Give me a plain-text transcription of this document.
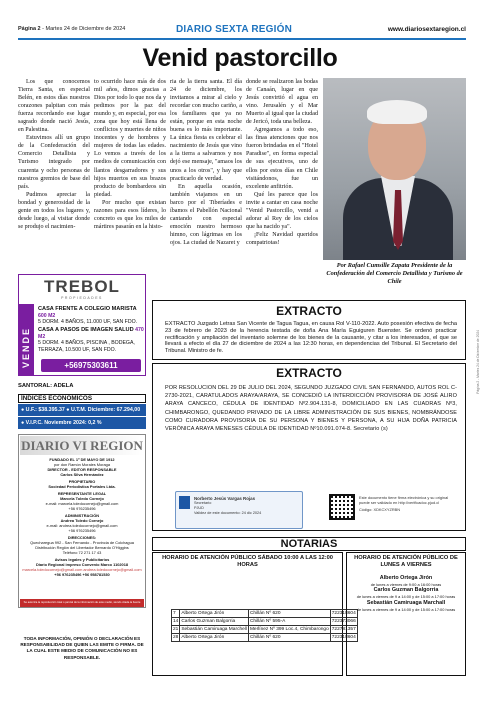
Página 2 - Martes 24 de Diciembre de 2024	DIARIO SEXTA REGIÓN	www.diariosextaregion.cl
Venid pastorcillo

Los que conocemos Tierra Santa, en especial Belén, en estos días nuestros corazones palpitan con más fuerza recordando ese lugar sagrado donde nació Jesús, en Palestina.

Estuvimos allí un grupo de la Confederación del Comercio Detallista y Turismo integrado por cuarenta y ocho personas de nuestros gremios de base del país.

Pudimos apreciar la bondad y generosidad de la gente en todos los lugares y, desde luego, al visitar donde se produjo el nacimien-

to ocurrido hace más de dos mil años, dimos gracias a Dios por todo lo que nos da y pedimos por la paz del mundo y, en especial, por esa zona que hoy está llena de conflictos y muertes de niños inocentes y de hombres y mujeres de todas las edades. Lo vemos a través de los medios de comunicación con llantos desgarradores y sus hijos muertos en sus brazos producto de bombardeos sin piedad.

Por mucho que existan razones para esos líderes, lo concreto es que los miles de mártires pasarán en la histo-

ria de la tierra santa. El día 24 de diciembre, los invitamos a mirar al cielo y recordar con mucho cariño, a los familiares que ya no están, porque en esta noche buena es lo más importante. La única fiesta es celebrar el nacimiento de Jesús que vino a la tierra a salvarnos y nos dejó ese mensaje, "amaos los unos a los otros", y hay que practicarlo de verdad.

En aquella ocasión, también viajamos en un barco por el Tiberíades e íbamos el Pabellón Nacional cantando con especial emoción nuestro hermoso himno, con lágrimas en los ojos. La ciudad de Nazaret y

donde se realizaron las bodas de Canaán, lugar en que Jesús convirtió el agua en vino. Jerusalén y el Mar Muerto al igual que la ciudad de Jericó, toda una belleza.

Agregamos a todo eso, las finas atenciones que nos fueron brindadas en el "Hotel Paradise", en forma especial de sus ejecutivos, uno de ellos por estos días en Chile visitándonos, fue un excelente anfitrión.

Qué les parece que los invite a cantar en casa noche "Venid Pastorcillo, venid a adorar al Rey de los cielos que ha nacido ya".

¡Feliz Navidad queridos compatriotas!

Por Rafael Cumsille Zapata Presidente de la Confederación del Comercio Detallista y Turismo de Chile
TREBOL
PROPIEDADES
VENDE
CASA FRENTE A COLEGIO MARISTA 600 M2
5 DORM. 4 BAÑOS, 11.000 UF, SAN FDO.
CASA A PASOS DE IMAGEN SALUD 470 M2
5 DORM. 4 BAÑOS, PISCINA , BODEGA, TERRAZA, 10.500 UF, SAN FDO.
+56975303611
SANTORAL: ADELA
ÍNDICES ECONÓMICOS
● U.F.: $38.395.37 ● U.T.M. Diciembre: 67.294,00
● V.I.P.C. Noviembre 2024: 0,2 %
DIARIO VI REGION
FUNDADO EL 1º DE MAYO DE 1912
por don Ramón Morales Moraga
DIRECTOR - EDITOR RESPONSABLE
Carlos Silva Hernández
PROPIETARIO
Sociedad Periodística Portales Ltda.
REPRESENTANTE LEGAL
Marcela Toledo Cornejo
e-mail: marcela.toledocornejo@gmail.com
+56 976235496
ADMINISTRACIÓN
Andrea Toledo Cornejo
e-mail: andrea.toledocornejo@gmail.com
+56 976235496
DIRECCIONES:
Quecharegua 992 - San Fernando - Provincia de Colchagua
Distribución Región del Libertador Bernardo O'Higgins
Teléfono 72 271 17 43
Avisos legales y Publicitarios
Diario Regional impreso Convenio Marco 1102018
marcela.toledocornejo@gmail.com andrea.toledocornejo@gmail.com
+56 976235496 +56 958781530
Se autoriza la reproducción total o parcial de la información de este medio, siendo citada la fuente
TODA INFORMACIÓN, OPINIÓN O DECLARACIÓN ES RESPONSABILIDAD DE QUIEN LAS EMITE O FIRMA. DE LA CUAL ESTE MEDIO DE COMUNICACIÓN NO ES RESPONSABLE.
EXTRACTO
EXTRACTO Juzgado Letras San Vicente de Tagua Tagua, en causa Rol V-110-2022. Auto posesión efectiva de fecha 23 de febrero de 2023 de la herencia testada de doña Ana María Eguiguren Buenster. Se ordenó practicar rectificación y ampliación del inventario solemne de los bienes de la causante, y citar a los interesados, el que se llevará a efecto el día 27 de diciembre de 2024 a las 12:30 horas, en dependencias del Tribunal. El Secretario del Tribunal. Ministro de fe.
EXTRACTO
POR RESOLUCION DEL 29 DE JULIO DEL 2024, SEGUNDO JUZGADO CIVIL SAN FERNANDO, AUTOS ROL C-2730-2021, CARATULADOS ARAYA/ARAYA, SE CONCEDIÓ LA INTERDICCIÓN PROVISORIA DE JOSÉ ALIRO ARAYA CANCECO, CÉDULA DE IDENTIDAD Nº2.904.131-8, DOMICILIADO EN LAS CUADRAS Nº3, CHIMBARONGO, QUEDANDO PRIVADO DE LA LIBRE ADMINISTRACIÓN DE SUS BIENES, NOMBRÁNDOSE COMO CURADORA PROVISORIA DE SU PERSONA Y BIENES Y PERSONA, A SU HIJA DOÑA PATRICIA VERÓNICA ARAYA MENESES CÉDULA DE IDENTIDAD Nº10.091.074-8. Secretario (s)
Norberto Jesús Vargas Rojas
Secretario
PJUD
Validez de este documento: 24 dic 2024
Este documento tiene firma electrónica y su original puede ser validado en http://verificadoc.pjud.cl
Código: XDKCXYZRBN
NOTARIAS
HORARIO DE ATENCIÓN PÚBLICO SÁBADO 10:00 A LAS 12:00 HORAS
7	Alberto Ortega Jirón	Chillán Nº 620	722318604
14	Carlos Guzman Balgorria	Chillán Nº 595-A	722373066
21	Sebastián Camiruaga Marchell	Merlínez Nº 399 Loc.4, Chimbarongo	722781357
28	Alberto Ortega Jirón	Chillán Nº 620	722318604
HORARIO DE ATENCIÓN PÚBLICO DE LUNES A VIERNES
Alberto Ortega Jirón
de lunes a viernes de 9:00 a 16:00 horas
Carlos Guzman Balgorria
de lunes a viernes de 9 a 14:00 y de 15:00 a 17:00 horas
Sebastián Camiruaga Marchall
de lunes a viernes de 9 a 14:00 y de 15:00 a 17:00 horas
Página 2 - Martes 24 de Diciembre de 2024
